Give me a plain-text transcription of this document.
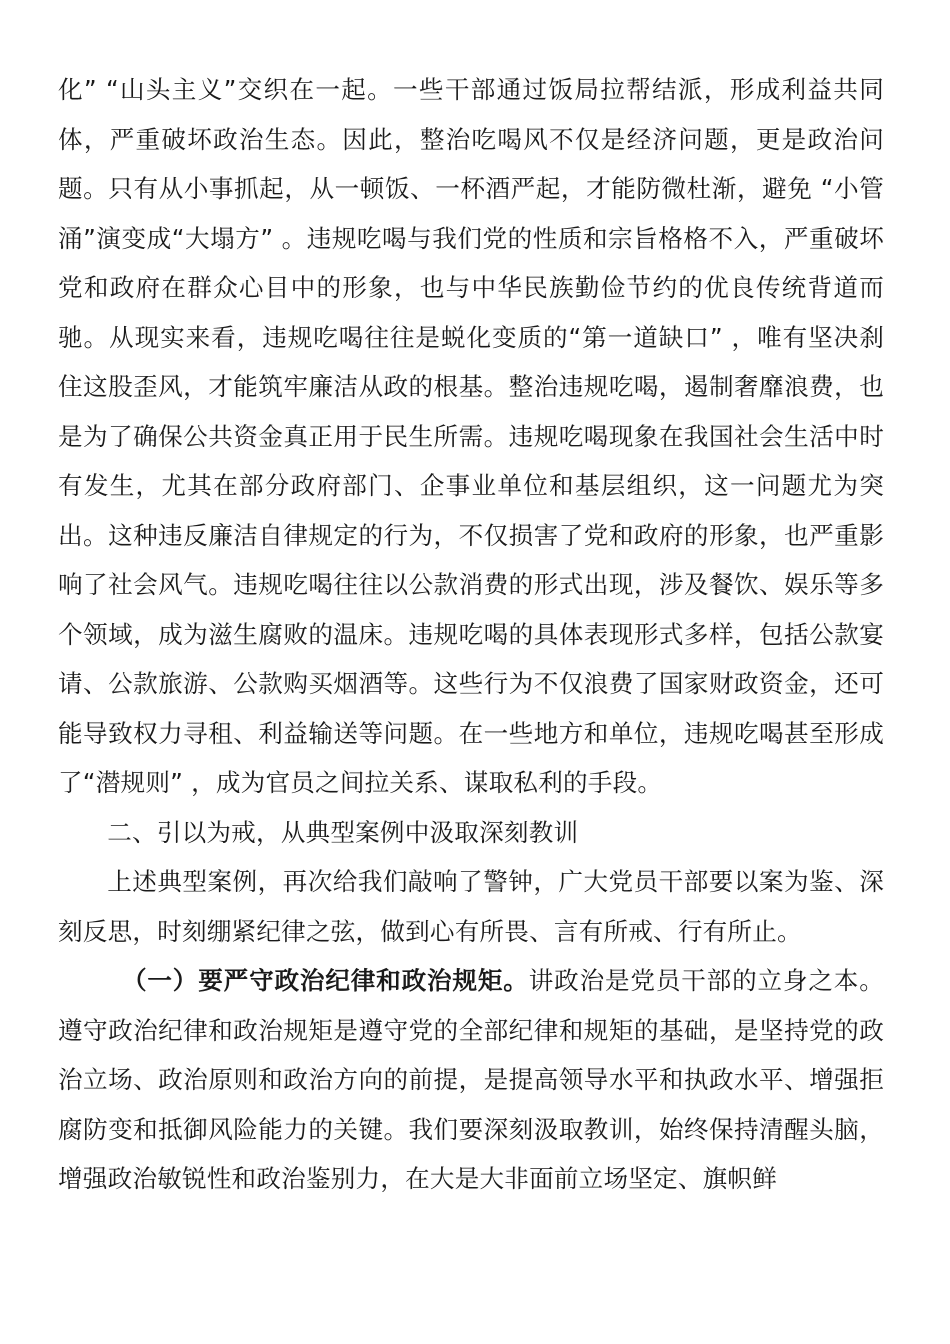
化” “山头主义”交织在一起。一些干部通过饭局拉帮结派，形成利益共同体，严重破坏政治生态。因此，整治吃喝风不仅是经济问题，更是政治问题。只有从小事抓起，从一顿饭、一杯酒严起，才能防微杜渐，避免 “小管涌”演变成“大塌方” 。违规吃喝与我们党的性质和宗旨格格不入，严重破坏党和政府在群众心目中的形象，也与中华民族勤俭节约的优良传统背道而驰。从现实来看，违规吃喝往往是蜕化变质的“第一道缺口” ，唯有坚决刹住这股歪风，才能筑牢廉洁从政的根基。整治违规吃喝，遏制奢靡浪费，也是为了确保公共资金真正用于民生所需。违规吃喝现象在我国社会生活中时有发生，尤其在部分政府部门、企事业单位和基层组织，这一问题尤为突出。这种违反廉洁自律规定的行为，不仅损害了党和政府的形象，也严重影响了社会风气。违规吃喝往往以公款消费的形式出现，涉及餐饮、娱乐等多个领域，成为滋生腐败的温床。违规吃喝的具体表现形式多样，包括公款宴请、公款旅游、公款购买烟酒等。这些行为不仅浪费了国家财政资金，还可能导致权力寻租、利益输送等问题。在一些地方和单位，违规吃喝甚至形成了“潜规则” ，成为官员之间拉关系、谋取私利的手段。

二、引以为戒，从典型案例中汲取深刻教训

上述典型案例，再次给我们敲响了警钟，广大党员干部要以案为鉴、深刻反思，时刻绷紧纪律之弦，做到心有所畏、言有所戒、行有所止。

（一）要严守政治纪律和政治规矩。讲政治是党员干部的立身之本。遵守政治纪律和政治规矩是遵守党的全部纪律和规矩的基础，是坚持党的政治立场、政治原则和政治方向的前提，是提高领导水平和执政水平、增强拒腐防变和抵御风险能力的关键。我们要深刻汲取教训，始终保持清醒头脑，增强政治敏锐性和政治鉴别力，在大是大非面前立场坚定、旗帜鲜
